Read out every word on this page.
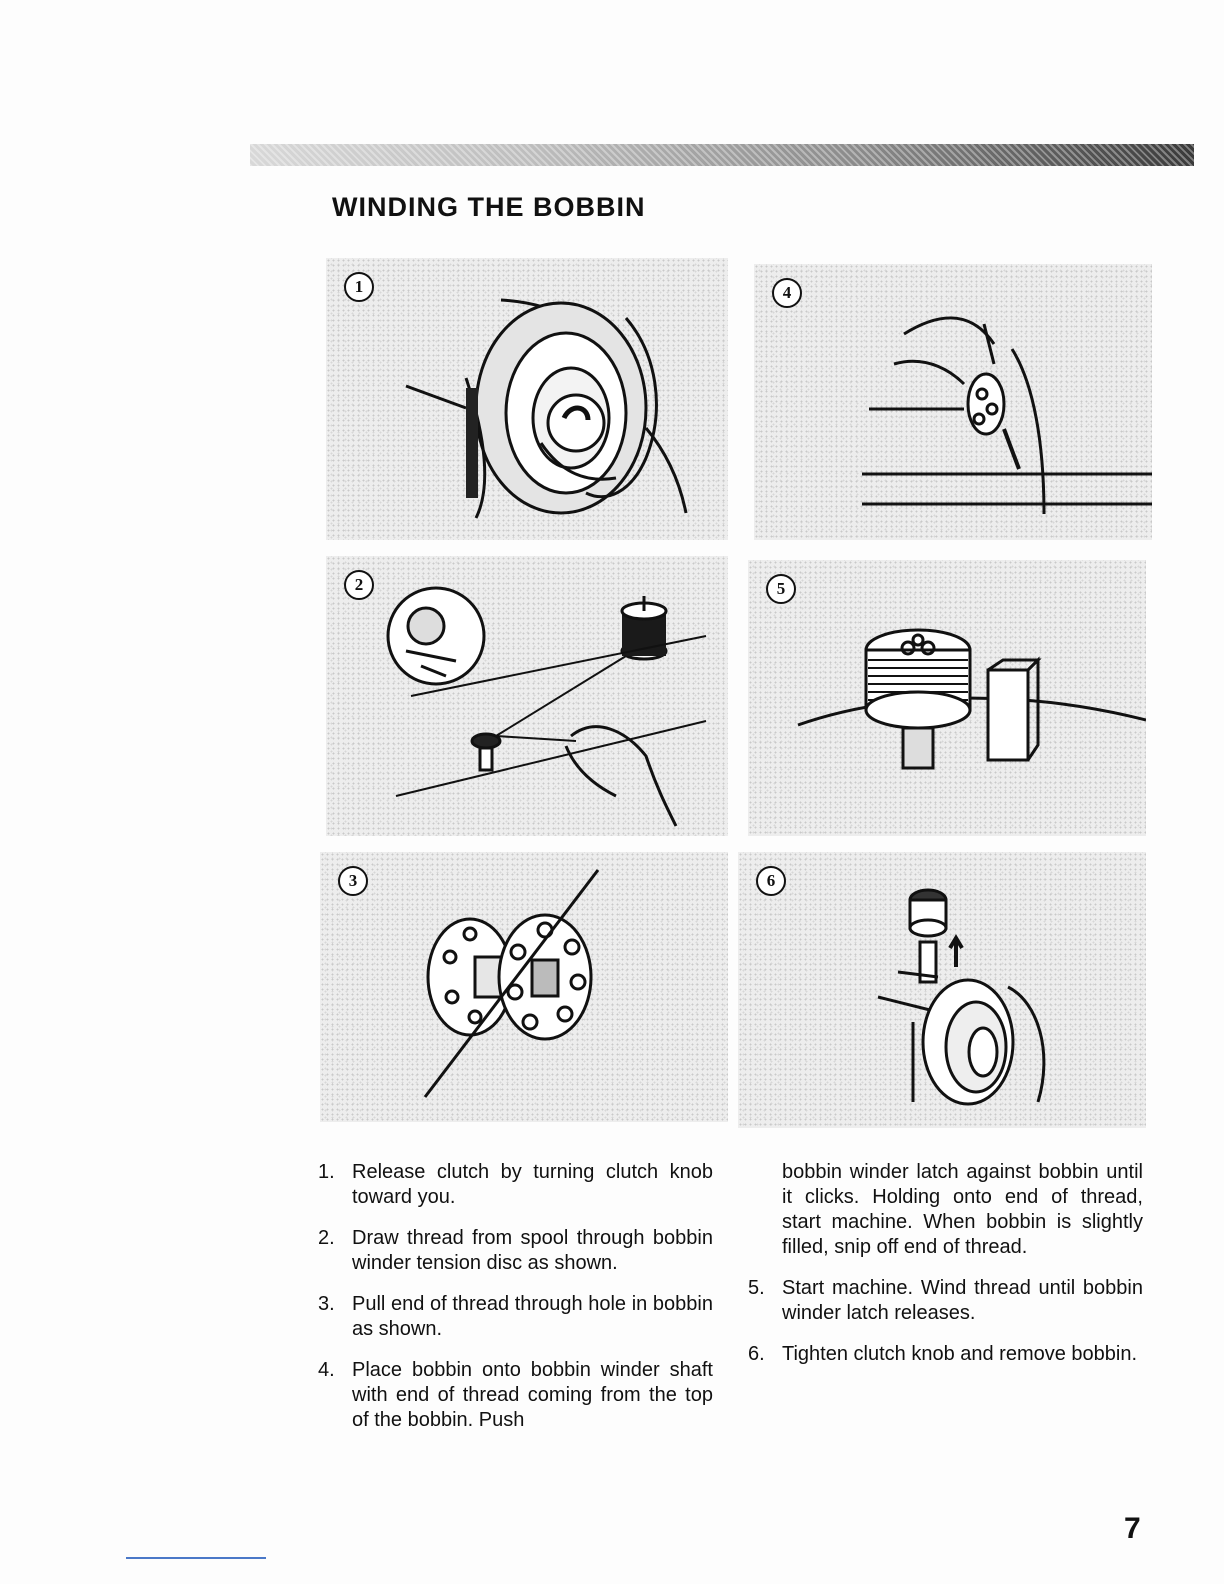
WINDING THE BOBBIN
1
2
3
4
5
6
1. Release clutch by turning clutch knob toward you.
2. Draw thread from spool through bobbin winder tension disc as shown.
3. Pull end of thread through hole in bobbin as shown.
4. Place bobbin onto bobbin winder shaft with end of thread coming from the top of the bobbin. Push
bobbin winder latch against bobbin until it clicks. Holding onto end of thread, start machine. When bobbin is slightly filled, snip off end of thread.
5. Start machine. Wind thread until bobbin winder latch releases.
6. Tighten clutch knob and remove bobbin.
7
